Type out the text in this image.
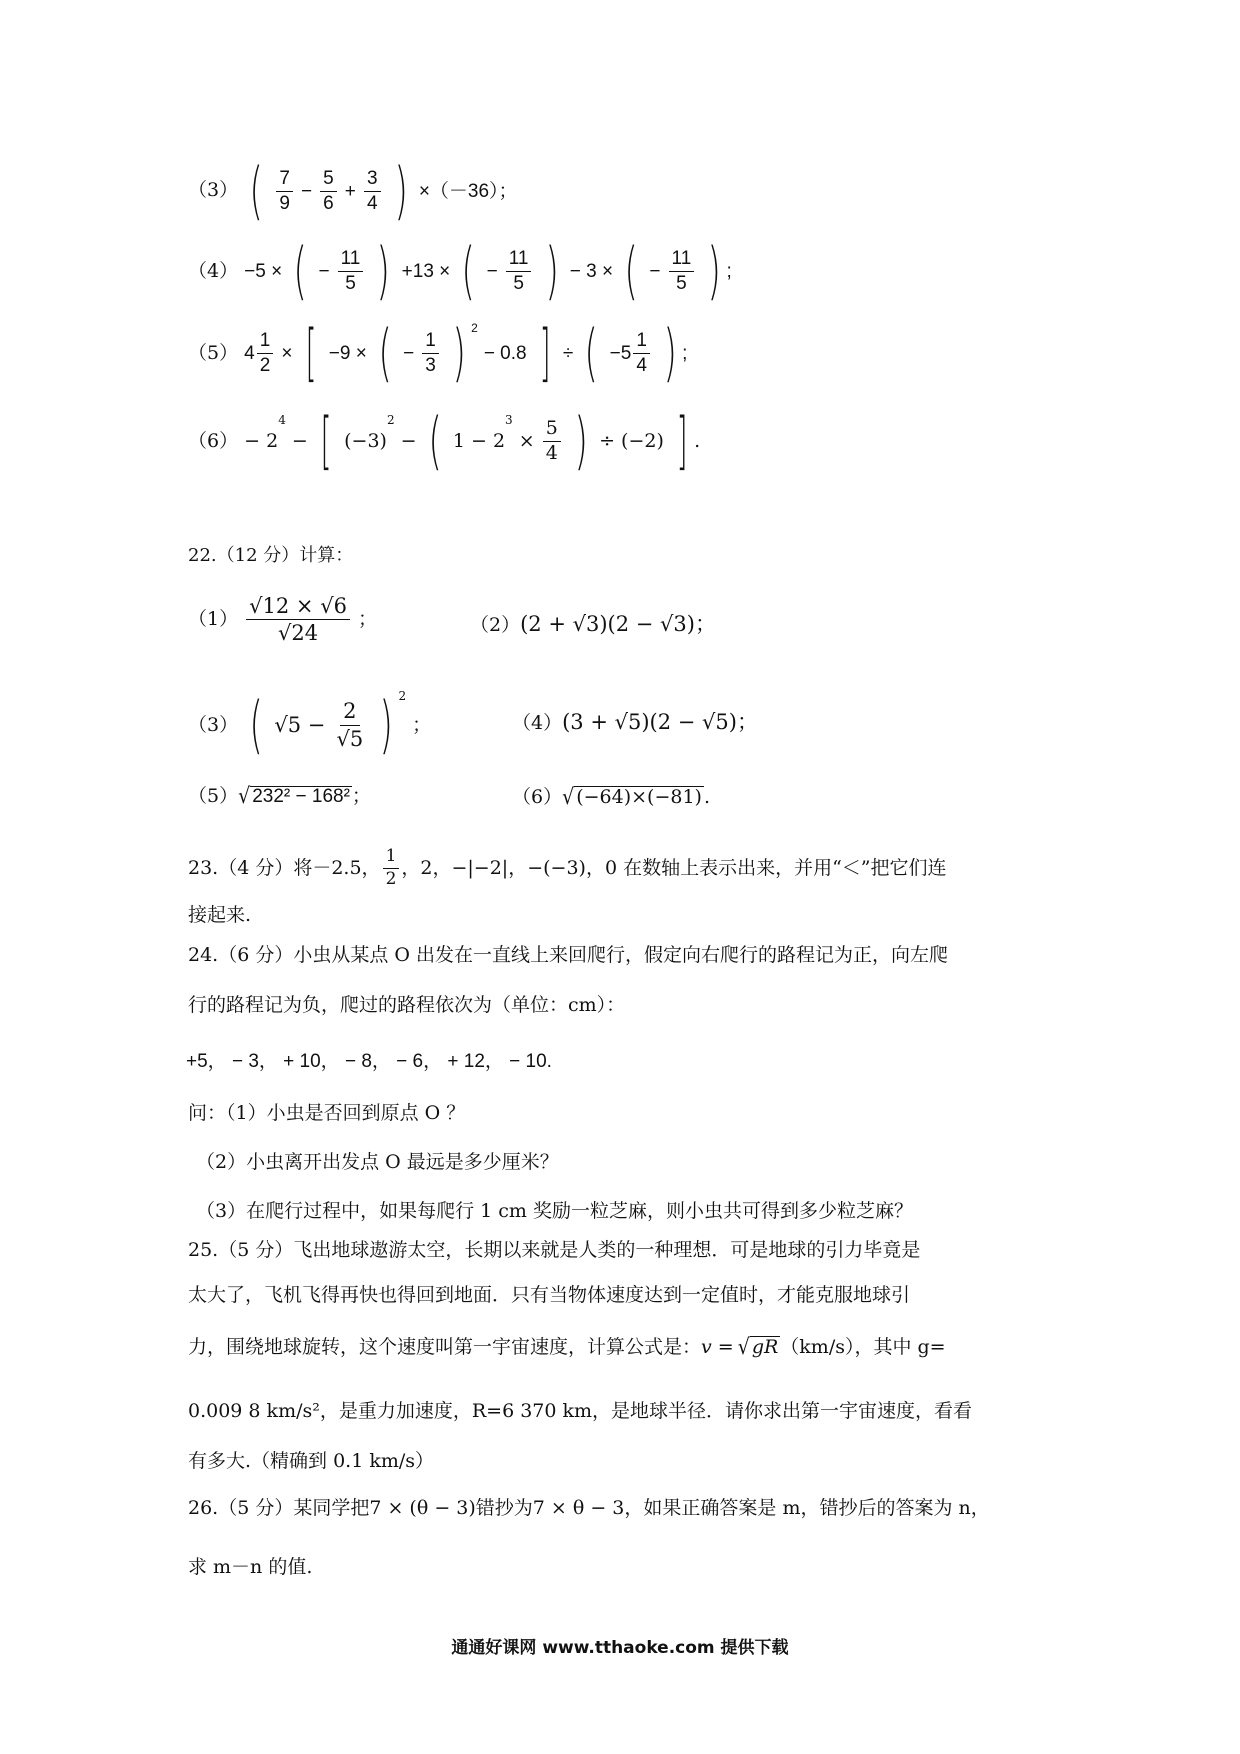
（3） ( $\frac{7}{9} - \frac{5}{6} + \frac{3}{4}$ ) ×（－36）；
（4） −5 × ( − $\frac{11}{5}$ ) +13 × ( − $\frac{11}{5}$ ) − 3 × ( − $\frac{11}{5}$ ) ;
（5） $4 \frac{1}{2}$ × [ −9 × ( − $\frac{1}{3}$ ) $^2$ − 0.8 ] ÷ ( $-5 \frac{1}{4}$ ) ;
$(6) - 2^4$ − [ $(-3)^2$ − ( $1 - 2^3 \times \frac{5}{4}$ ) ÷ (−2) ] .
22.（12 分）计算：
$(1) \frac{√12 \times √6}{√24}$ ；	（2）(2 + √3)(2 − √3)；
（3） ( $√5 - \frac{2}{√5}$ ) $^2$ ；	（4）(3 + √5)(2 − √5)；
（5）√ 232² − 168² ；	（6）√ (−64)×(−81) .
23.（4 分）将－2.5， $\frac{1}{2}$ ，2，−|−2|，−(−3)，0 在数轴上表示出来，并用“＜”把它们连
接起来.
24.（6 分）小虫从某点 O 出发在一直线上来回爬行，假定向右爬行的路程记为正，向左爬
行的路程记为负，爬过的路程依次为（单位：cm）：
+5， − 3， + 10， − 8， − 6， + 12， − 10.
问：（1）小虫是否回到原点 O ？
（2）小虫离开出发点 O 最远是多少厘米？
（3）在爬行过程中，如果每爬行 1 cm 奖励一粒芝麻，则小虫共可得到多少粒芝麻？
25.（5 分）飞出地球遨游太空，长期以来就是人类的一种理想．可是地球的引力毕竟是
太大了，飞机飞得再快也得回到地面．只有当物体速度达到一定值时，才能克服地球引
力，围绕地球旋转，这个速度叫第一宇宙速度，计算公式是：v = √ gR （km/s），其中 g=
0.009 8 km/s²，是重力加速度，R=6 370 km，是地球半径．请你求出第一宇宙速度，看看
有多大.（精确到 0.1 km/s）
26.（5 分）某同学把7 × (θ − 3)错抄为7 × θ − 3，如果正确答案是 m，错抄后的答案为 n，
求 m－n 的值.
通通好课网 www.tthaoke.com 提供下载
